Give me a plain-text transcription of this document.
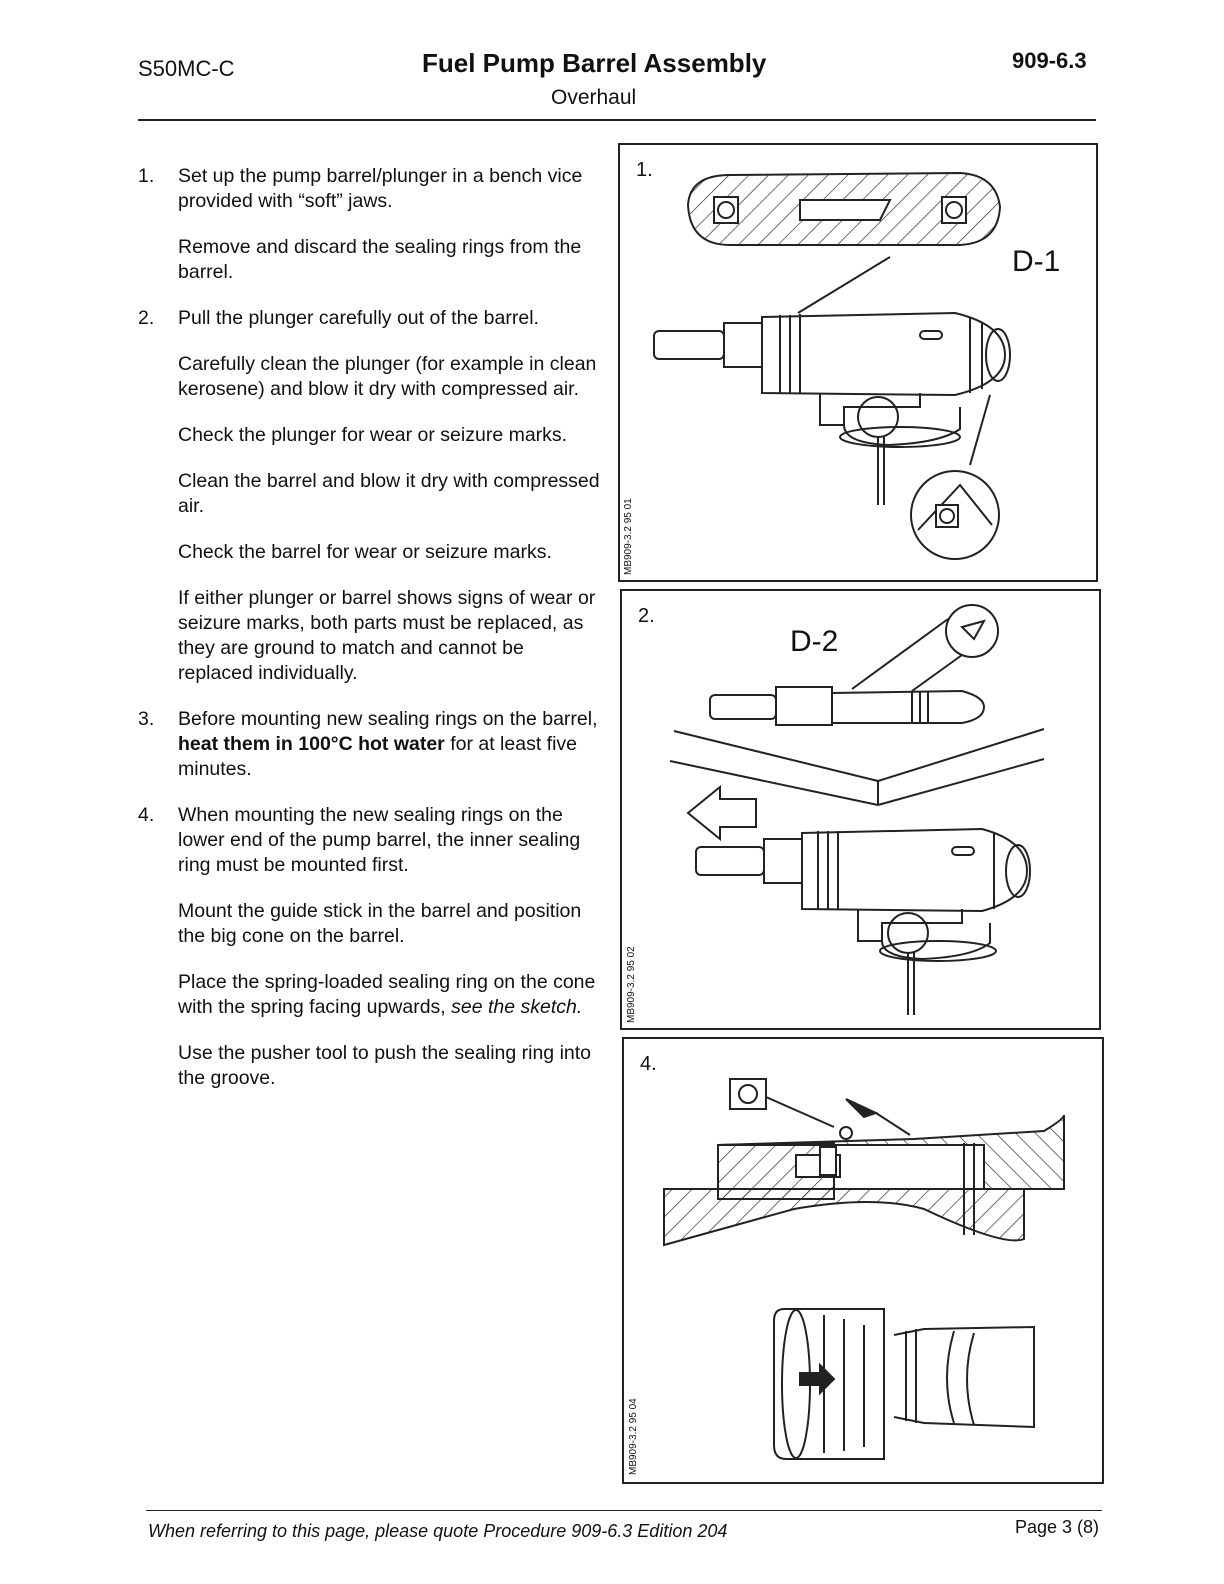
S50MC-C	Fuel Pump Barrel Assembly
Overhaul
909-6.3
1. Set up the pump barrel/plunger in a bench vice provided with “soft” jaws.

Remove and discard the sealing rings from the barrel.

2. Pull the plunger carefully out of the barrel.

Carefully clean the plunger (for example in clean kerosene) and blow it dry with compressed air.

Check the plunger for wear or seizure marks.

Clean the barrel and blow it dry with compressed air.

Check the barrel for wear or seizure marks.

If either plunger or barrel shows signs of wear or seizure marks, both parts must be replaced, as they are ground to match and cannot be replaced individually.

3. Before mounting new sealing rings on the barrel, heat them in 100°C hot water for at least five minutes.

4. When mounting the new sealing rings on the lower end of the pump barrel, the inner sealing ring must be mounted first.

Mount the guide stick in the barrel and position the big cone on the barrel.

Place the spring-loaded sealing ring on the cone with the spring facing upwards, see the sketch.

Use the pusher tool to push the sealing ring into the groove.

1.
D-1
MB909-3.2 95 01
2.
D-2
MB909-3.2 95 02
4.
MB909-3.2 95 04
When referring to this page, please quote Procedure 909-6.3 Edition 204	Page 3 (8)
